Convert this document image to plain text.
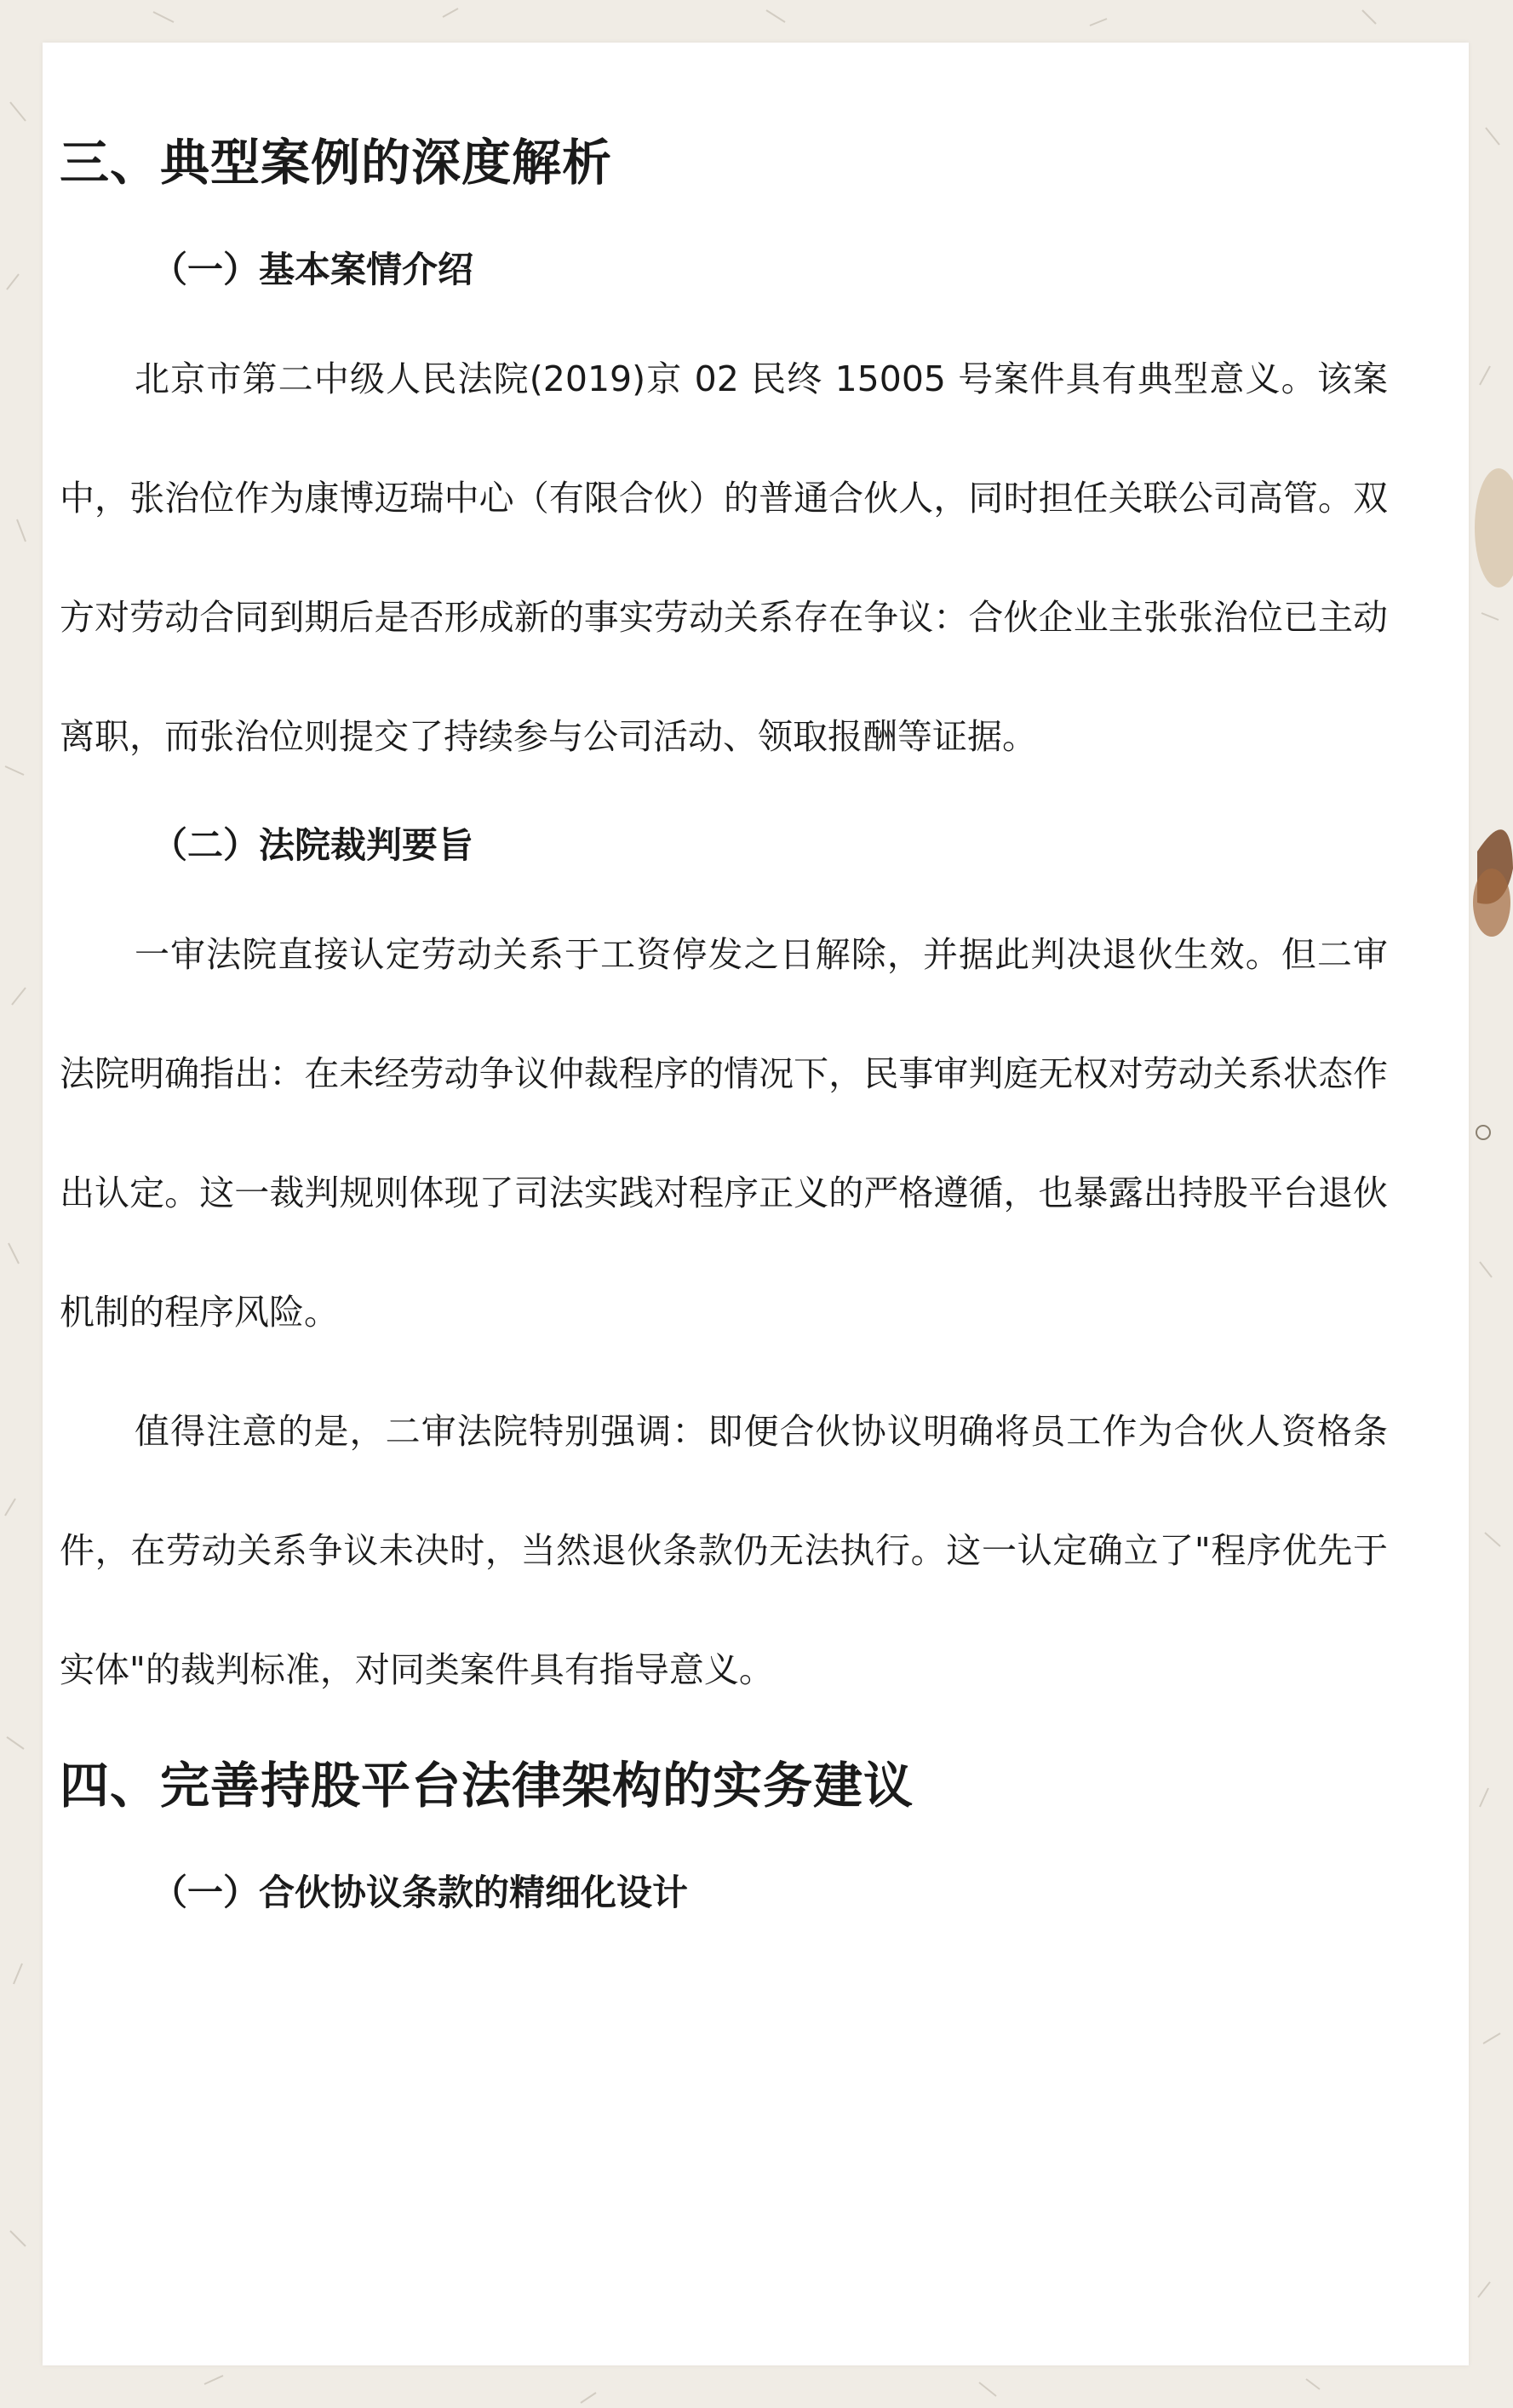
三、典型案例的深度解析
（一）基本案情介绍

北京市第二中级人民法院(2019)京 02 民终 15005 号案件具有典型意义。该案中，张治位作为康博迈瑞中心（有限合伙）的普通合伙人，同时担任关联公司高管。双方对劳动合同到期后是否形成新的事实劳动关系存在争议：合伙企业主张张治位已主动离职，而张治位则提交了持续参与公司活动、领取报酬等证据。

（二）法院裁判要旨

一审法院直接认定劳动关系于工资停发之日解除，并据此判决退伙生效。但二审法院明确指出：在未经劳动争议仲裁程序的情况下，民事审判庭无权对劳动关系状态作出认定。这一裁判规则体现了司法实践对程序正义的严格遵循，也暴露出持股平台退伙机制的程序风险。

值得注意的是，二审法院特别强调：即便合伙协议明确将员工作为合伙人资格条件，在劳动关系争议未决时，当然退伙条款仍无法执行。这一认定确立了"程序优先于实体"的裁判标准，对同类案件具有指导意义。

四、完善持股平台法律架构的实务建议
（一）合伙协议条款的精细化设计
